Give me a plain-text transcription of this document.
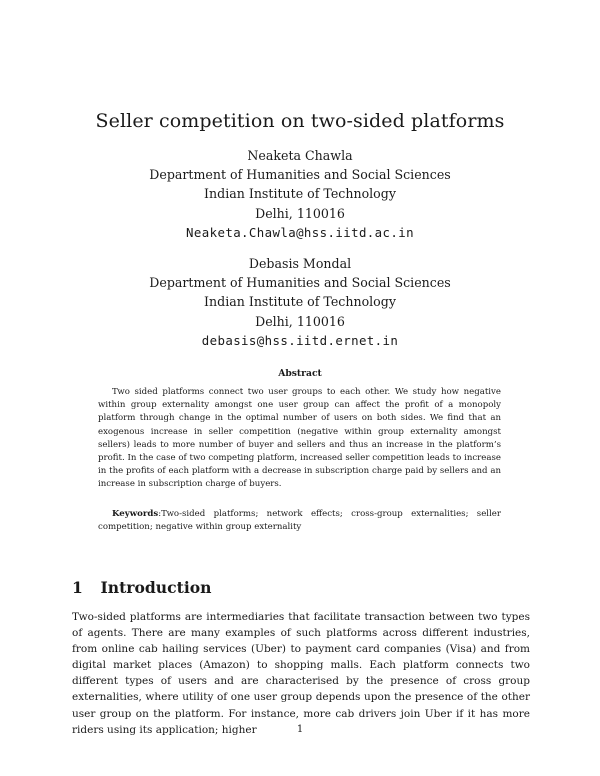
Seller competition on two-sided platforms
Neaketa Chawla
Department of Humanities and Social Sciences
Indian Institute of Technology
Delhi, 110016
Neaketa.Chawla@hss.iitd.ac.in
Debasis Mondal
Department of Humanities and Social Sciences
Indian Institute of Technology
Delhi, 110016
debasis@hss.iitd.ernet.in
Abstract
Two sided platforms connect two user groups to each other. We study how negative within group externality amongst one user group can affect the profit of a monopoly platform through change in the optimal number of users on both sides. We find that an exogenous increase in seller competition (negative within group externality amongst sellers) leads to more number of buyer and sellers and thus an increase in the platform’s profit. In the case of two competing platform, increased seller competition leads to increase in the profits of each platform with a decrease in subscription charge paid by sellers and an increase in subscription charge of buyers.
Keywords:Two-sided platforms; network effects; cross-group externalities; seller competition; negative within group externality
1 Introduction
Two-sided platforms are intermediaries that facilitate transaction between two types of agents. There are many examples of such platforms across different industries, from online cab hailing services (Uber) to payment card companies (Visa) and from digital market places (Amazon) to shopping malls. Each platform connects two different types of users and are characterised by the presence of cross group externalities, where utility of one user group depends upon the presence of the other user group on the platform. For instance, more cab drivers join Uber if it has more riders using its application; higher	1
